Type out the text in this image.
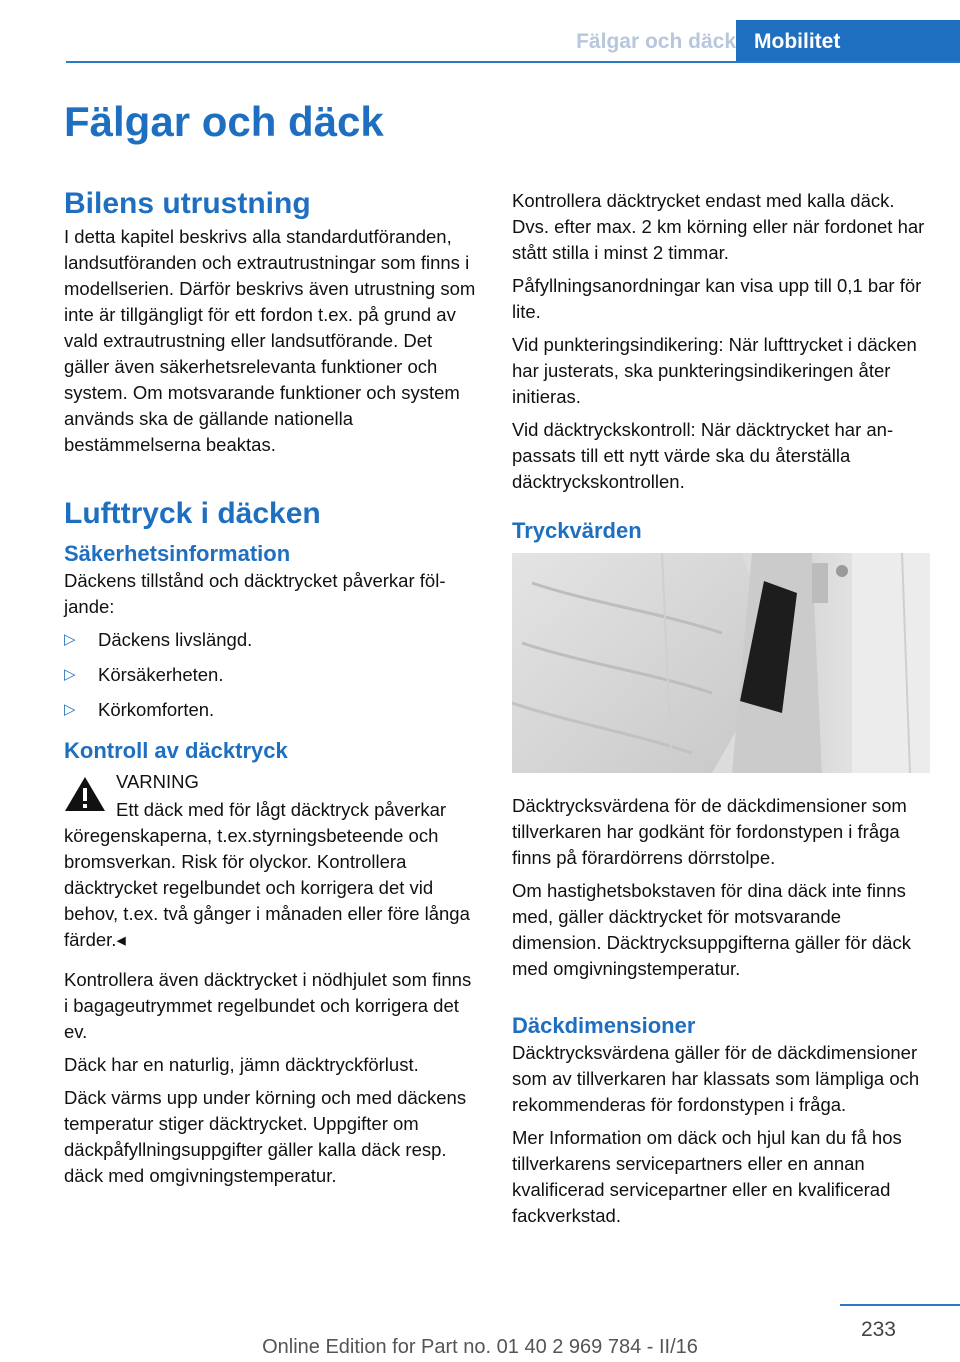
Fälgar och däck Mobilitet
Fälgar och däck
Bilens utrustning

I detta kapitel beskrivs alla standardutföranden, landsutföranden och extrautrustningar som finns i modellserien. Därför beskrivs även utrustning som inte är tillgängligt för ett fordon t.ex. på grund av vald extrautrustning eller landsutförande. Det gäller även säkerhetsrelevanta funktioner och system. Om motsvarande funktioner och system används ska de gällande nationella bestämmelserna beaktas.

Lufttryck i däcken
Säkerhetsinformation

Däckens tillstånd och däcktrycket påverkar följande:

▷ Däckens livslängd.
▷ Körsäkerheten.
▷ Körkomforten.
Kontroll av däcktryck
VARNING

Ett däck med för lågt däcktryck påverkar köregenskaperna, t.ex.styrningsbeteende och bromsverkan. Risk för olyckor. Kontrollera däcktrycket regelbundet och korrigera det vid behov, t.ex. två gånger i månaden eller före långa färder.◂

Kontrollera även däcktrycket i nödhjulet som finns i bagageutrymmet regelbundet och korrigera det ev.

Däck har en naturlig, jämn däcktryckförlust.

Däck värms upp under körning och med däckens temperatur stiger däcktrycket. Uppgifter om däckpåfyllningsuppgifter gäller kalla däck resp. däck med omgivningstemperatur.

Kontrollera däcktrycket endast med kalla däck. Dvs. efter max. 2 km körning eller när fordonet har stått stilla i minst 2 timmar.

Påfyllningsanordningar kan visa upp till 0,1 bar för lite.

Vid punkteringsindikering: När lufttrycket i däcken har justerats, ska punkteringsindikeringen åter initieras.

Vid däcktryckskontroll: När däcktrycket har anpassats till ett nytt värde ska du återställa däcktryckskontrollen.

Tryckvärden

Däcktrycksvärdena för de däckdimensioner som tillverkaren har godkänt för fordonstypen i fråga finns på förardörrens dörrstolpe.

Om hastighetsbokstaven för dina däck inte finns med, gäller däcktrycket för motsvarande dimension. Däcktrycksuppgifterna gäller för däck med omgivningstemperatur.

Däckdimensioner

Däcktrycksvärdena gäller för de däckdimensioner som av tillverkaren har klassats som lämpliga och rekommenderas för fordonstypen i fråga.

Mer Information om däck och hjul kan du få hos tillverkarens servicepartners eller en annan kvalificerad servicepartner eller en kvalificerad fackverkstad.

233
Online Edition for Part no. 01 40 2 969 784 - II/16
